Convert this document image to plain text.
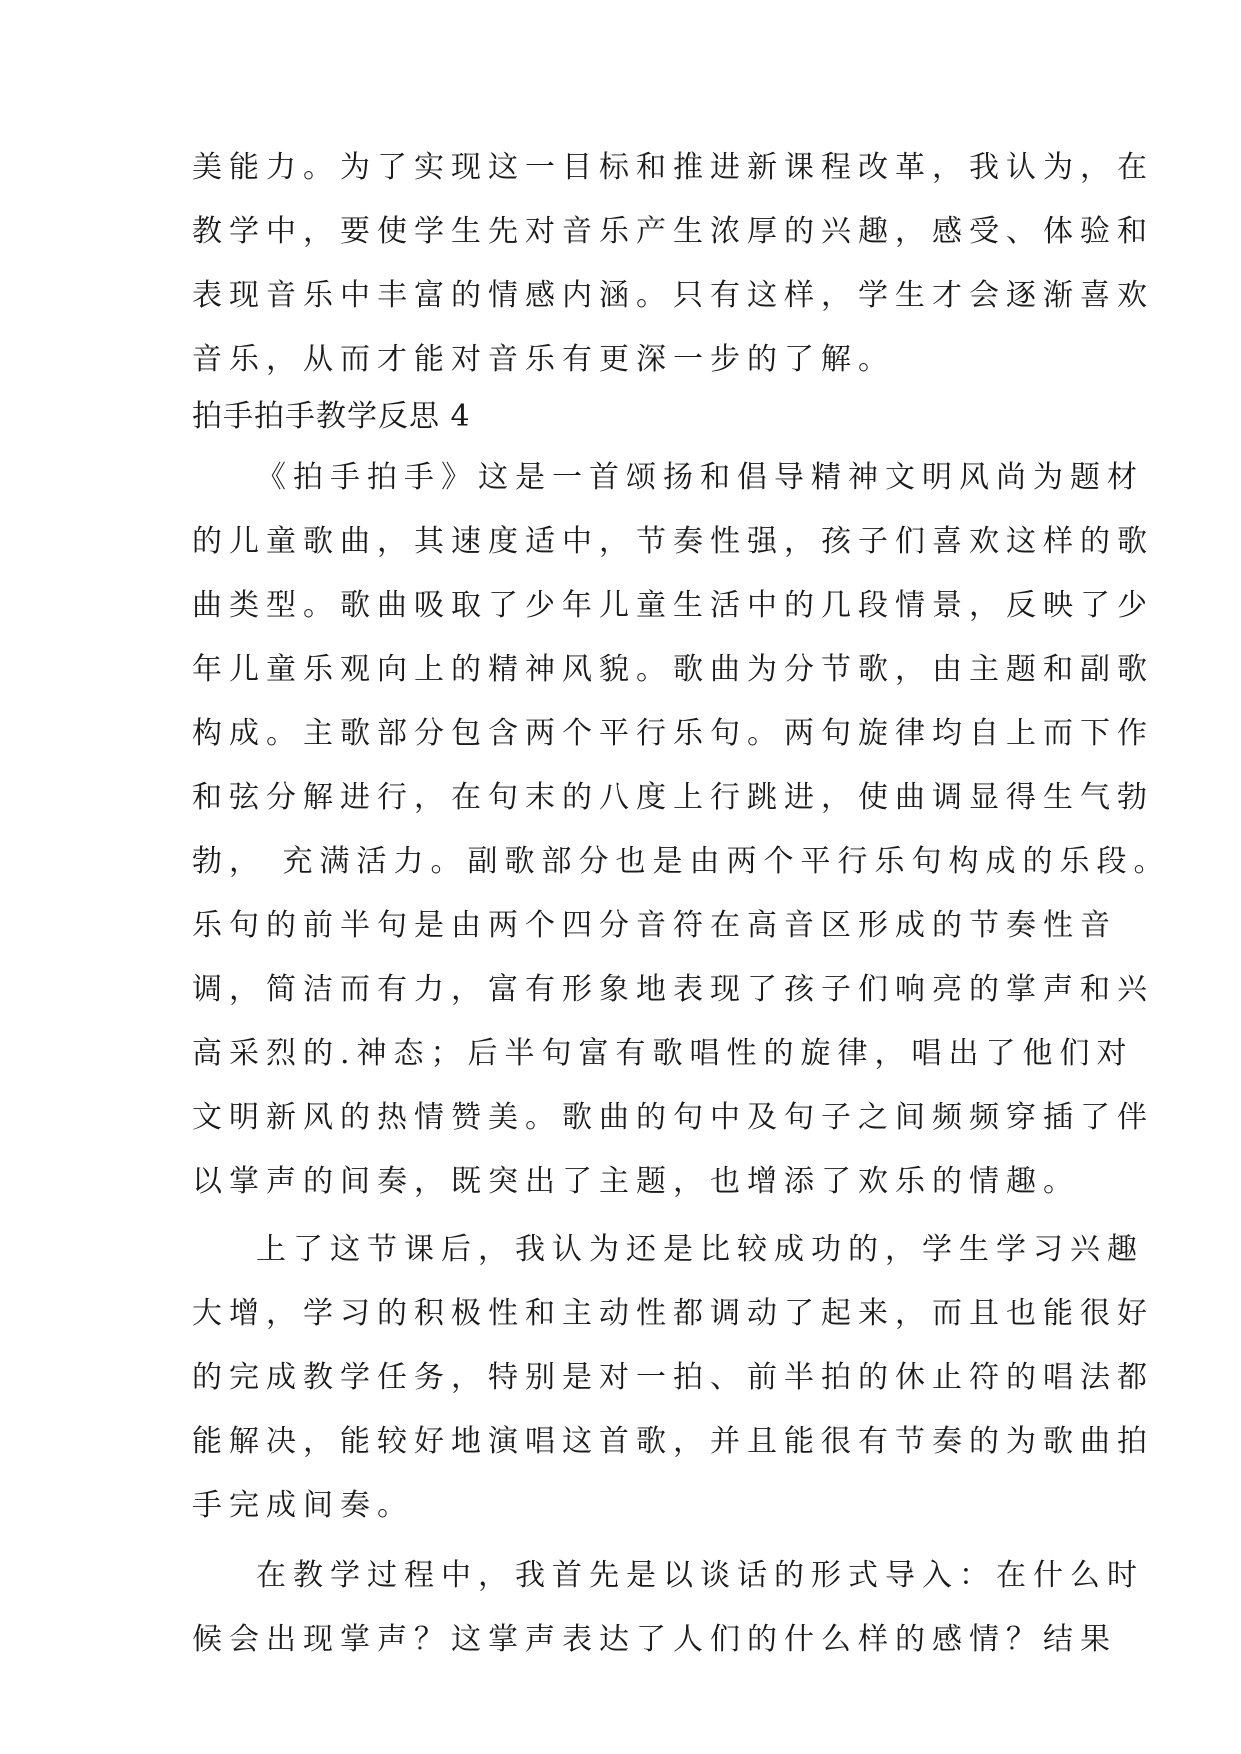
美能力。为了实现这一目标和推进新课程改革，我认为，在

教学中，要使学生先对音乐产生浓厚的兴趣，感受、体验和

表现音乐中丰富的情感内涵。只有这样，学生才会逐渐喜欢

音乐，从而才能对音乐有更深一步的了解。

拍手拍手教学反思 4

《拍手拍手》这是一首颂扬和倡导精神文明风尚为题材

的儿童歌曲，其速度适中，节奏性强，孩子们喜欢这样的歌

曲类型。歌曲吸取了少年儿童生活中的几段情景，反映了少

年儿童乐观向上的精神风貌。歌曲为分节歌，由主题和副歌

构成。主歌部分包含两个平行乐句。两句旋律均自上而下作

和弦分解进行，在句末的八度上行跳进，使曲调显得生气勃

勃， 充满活力。副歌部分也是由两个平行乐句构成的乐段。

乐句的前半句是由两个四分音符在高音区形成的节奏性音

调，简洁而有力，富有形象地表现了孩子们响亮的掌声和兴

高采烈的.神态；后半句富有歌唱性的旋律，唱出了他们对

文明新风的热情赞美。歌曲的句中及句子之间频频穿插了伴

以掌声的间奏，既突出了主题，也增添了欢乐的情趣。

上了这节课后，我认为还是比较成功的，学生学习兴趣

大增，学习的积极性和主动性都调动了起来，而且也能很好

的完成教学任务，特别是对一拍、前半拍的休止符的唱法都

能解决，能较好地演唱这首歌，并且能很有节奏的为歌曲拍

手完成间奏。

在教学过程中，我首先是以谈话的形式导入：在什么时

候会出现掌声？这掌声表达了人们的什么样的感情？结果
